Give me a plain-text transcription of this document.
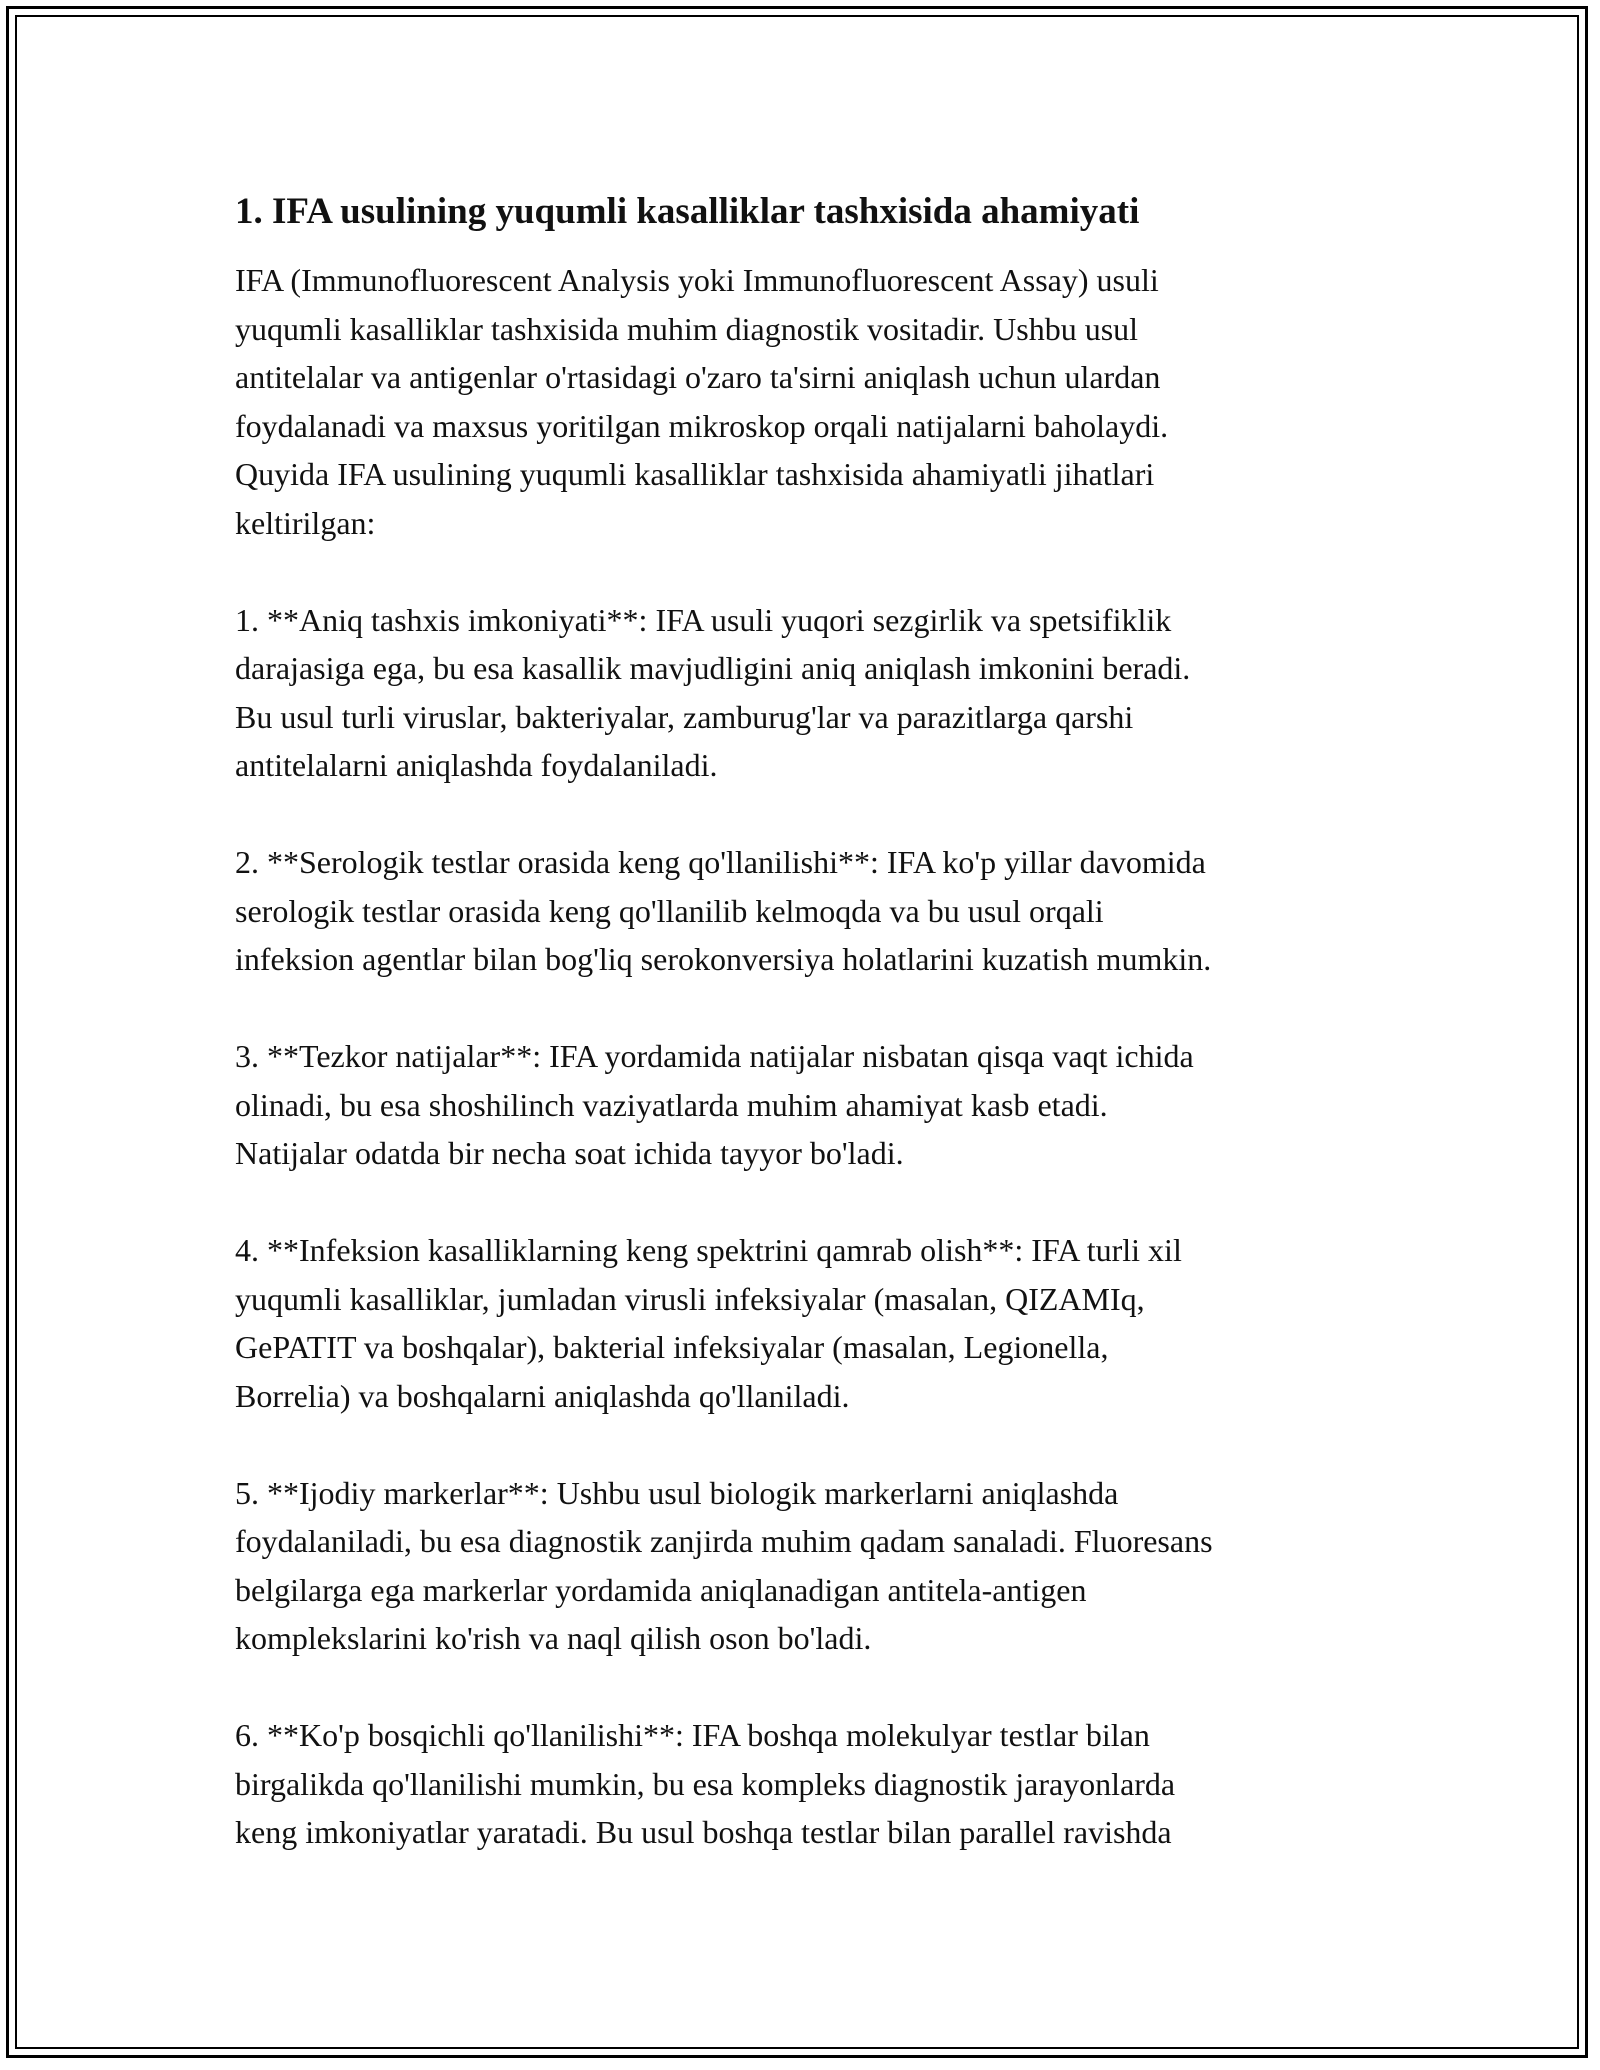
1. IFA usulining yuqumli kasalliklar tashxisida ahamiyati

IFA (Immunofluorescent Analysis yoki Immunofluorescent Assay) usuli
yuqumli kasalliklar tashxisida muhim diagnostik vositadir. Ushbu usul
antitelalar va antigenlar o'rtasidagi o'zaro ta'sirni aniqlash uchun ulardan
foydalanadi va maxsus yoritilgan mikroskop orqali natijalarni baholaydi.
Quyida IFA usulining yuqumli kasalliklar tashxisida ahamiyatli jihatlari
keltirilgan:

1. **Aniq tashxis imkoniyati**: IFA usuli yuqori sezgirlik va spetsifiklik
darajasiga ega, bu esa kasallik mavjudligini aniq aniqlash imkonini beradi.
Bu usul turli viruslar, bakteriyalar, zamburug'lar va parazitlarga qarshi
antitelalarni aniqlashda foydalaniladi.

2. **Serologik testlar orasida keng qo'llanilishi**: IFA ko'p yillar davomida
serologik testlar orasida keng qo'llanilib kelmoqda va bu usul orqali
infeksion agentlar bilan bog'liq serokonversiya holatlarini kuzatish mumkin.

3. **Tezkor natijalar**: IFA yordamida natijalar nisbatan qisqa vaqt ichida
olinadi, bu esa shoshilinch vaziyatlarda muhim ahamiyat kasb etadi.
Natijalar odatda bir necha soat ichida tayyor bo'ladi.

4. **Infeksion kasalliklarning keng spektrini qamrab olish**: IFA turli xil
yuqumli kasalliklar, jumladan virusli infeksiyalar (masalan, QIZAMIq,
GePATIT va boshqalar), bakterial infeksiyalar (masalan, Legionella,
Borrelia) va boshqalarni aniqlashda qo'llaniladi.

5. **Ijodiy markerlar**: Ushbu usul biologik markerlarni aniqlashda
foydalaniladi, bu esa diagnostik zanjirda muhim qadam sanaladi. Fluoresans
belgilarga ega markerlar yordamida aniqlanadigan antitela-antigen
komplekslarini ko'rish va naql qilish oson bo'ladi.

6. **Ko'p bosqichli qo'llanilishi**: IFA boshqa molekulyar testlar bilan
birgalikda qo'llanilishi mumkin, bu esa kompleks diagnostik jarayonlarda
keng imkoniyatlar yaratadi. Bu usul boshqa testlar bilan parallel ravishda
